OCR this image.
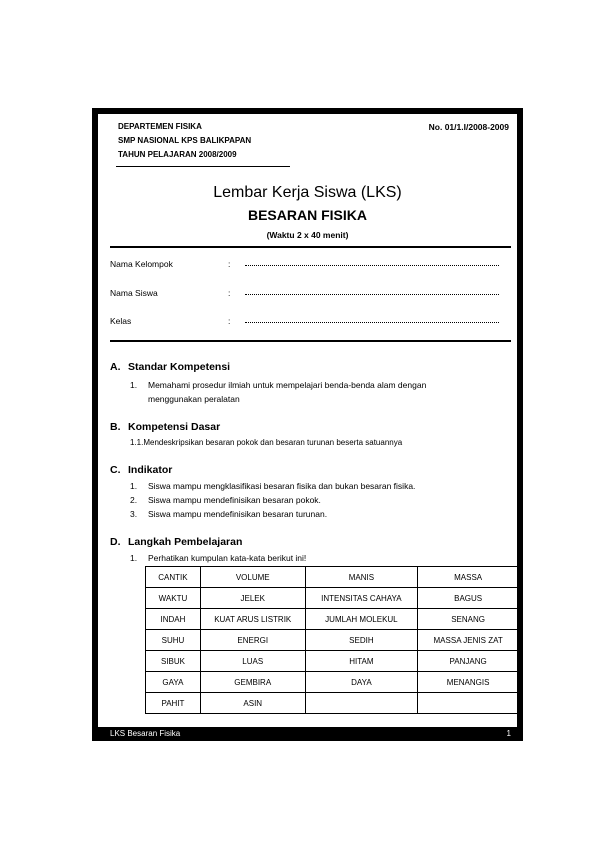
DEPARTEMEN FISIKA
SMP NASIONAL KPS BALIKPAPAN
TAHUN PELAJARAN 2008/2009
No. 01/1.I/2008-2009
Lembar Kerja Siswa (LKS)
BESARAN FISIKA
(Waktu 2 x 40 menit)
Nama Kelompok	:
Nama Siswa	:
Kelas	:
A. Standar Kompetensi
1. Memahami prosedur ilmiah untuk mempelajari benda-benda alam dengan
menggunakan peralatan
B. Kompetensi Dasar
1.1.Mendeskripsikan besaran pokok dan besaran turunan beserta satuannya
C. Indikator
1. Siswa mampu mengklasifikasi besaran fisika dan bukan besaran fisika.
2. Siswa mampu mendefinisikan besaran pokok.
3. Siswa mampu mendefinisikan besaran turunan.
D. Langkah Pembelajaran
1. Perhatikan kumpulan kata-kata berikut ini!
CANTIK	VOLUME	MANIS	MASSA
WAKTU	JELEK	INTENSITAS CAHAYA	BAGUS
INDAH	KUAT ARUS LISTRIK	JUMLAH MOLEKUL	SENANG
SUHU	ENERGI	SEDIH	MASSA JENIS ZAT
SIBUK	LUAS	HITAM	PANJANG
GAYA	GEMBIRA	DAYA	MENANGIS
PAHIT	ASIN		
LKS Besaran Fisika	1
